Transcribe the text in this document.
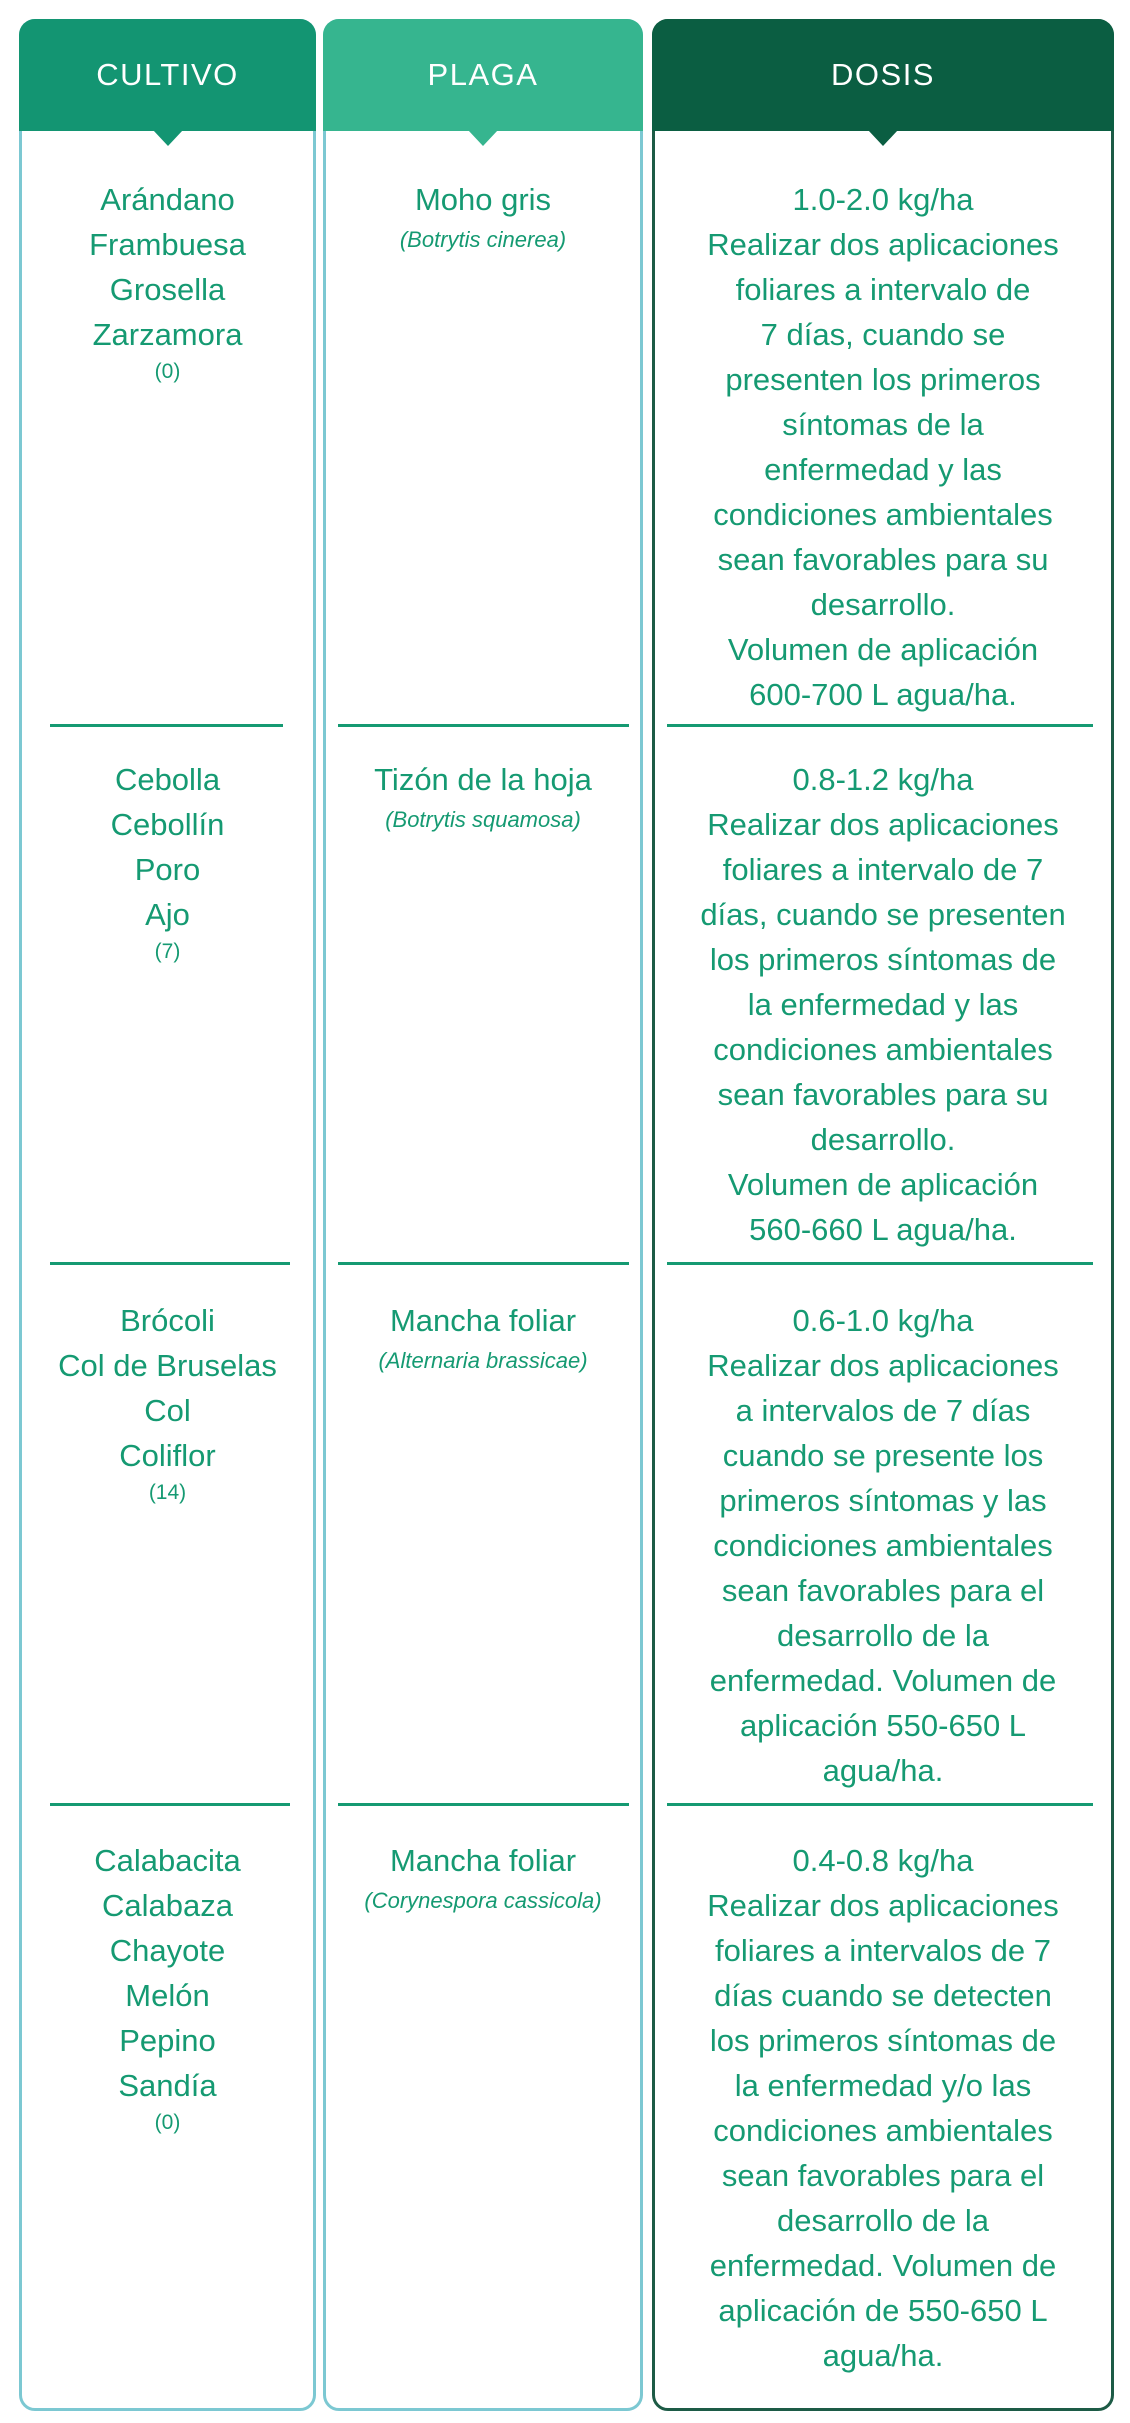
CULTIVO
Arándano
Frambuesa
Grosella
Zarzamora
(0)
Cebolla
Cebollín
Poro
Ajo
(7)
Brócoli
Col de Bruselas
Col
Coliflor
(14)
Calabacita
Calabaza
Chayote
Melón
Pepino
Sandía
(0)
PLAGA
Moho gris
(Botrytis cinerea)
Tizón de la hoja
(Botrytis squamosa)
Mancha foliar
(Alternaria brassicae)
Mancha foliar
(Corynespora cassicola)
DOSIS
1.0-2.0 kg/ha
Realizar dos aplicaciones
foliares a intervalo de
7 días, cuando se
presenten los primeros
síntomas de la
enfermedad y las
condiciones ambientales
sean favorables para su
desarrollo.
Volumen de aplicación
600-700 L agua/ha.
0.8-1.2 kg/ha
Realizar dos aplicaciones
foliares a intervalo de 7
días, cuando se presenten
los primeros síntomas de
la enfermedad y las
condiciones ambientales
sean favorables para su
desarrollo.
Volumen de aplicación
560-660 L agua/ha.
0.6-1.0 kg/ha
Realizar dos aplicaciones
a intervalos de 7 días
cuando se presente los
primeros síntomas y las
condiciones ambientales
sean favorables para el
desarrollo de la
enfermedad. Volumen de
aplicación 550-650 L
agua/ha.
0.4-0.8 kg/ha
Realizar dos aplicaciones
foliares a intervalos de 7
días cuando se detecten
los primeros síntomas de
la enfermedad y/o las
condiciones ambientales
sean favorables para el
desarrollo de la
enfermedad. Volumen de
aplicación de 550-650 L
agua/ha.
